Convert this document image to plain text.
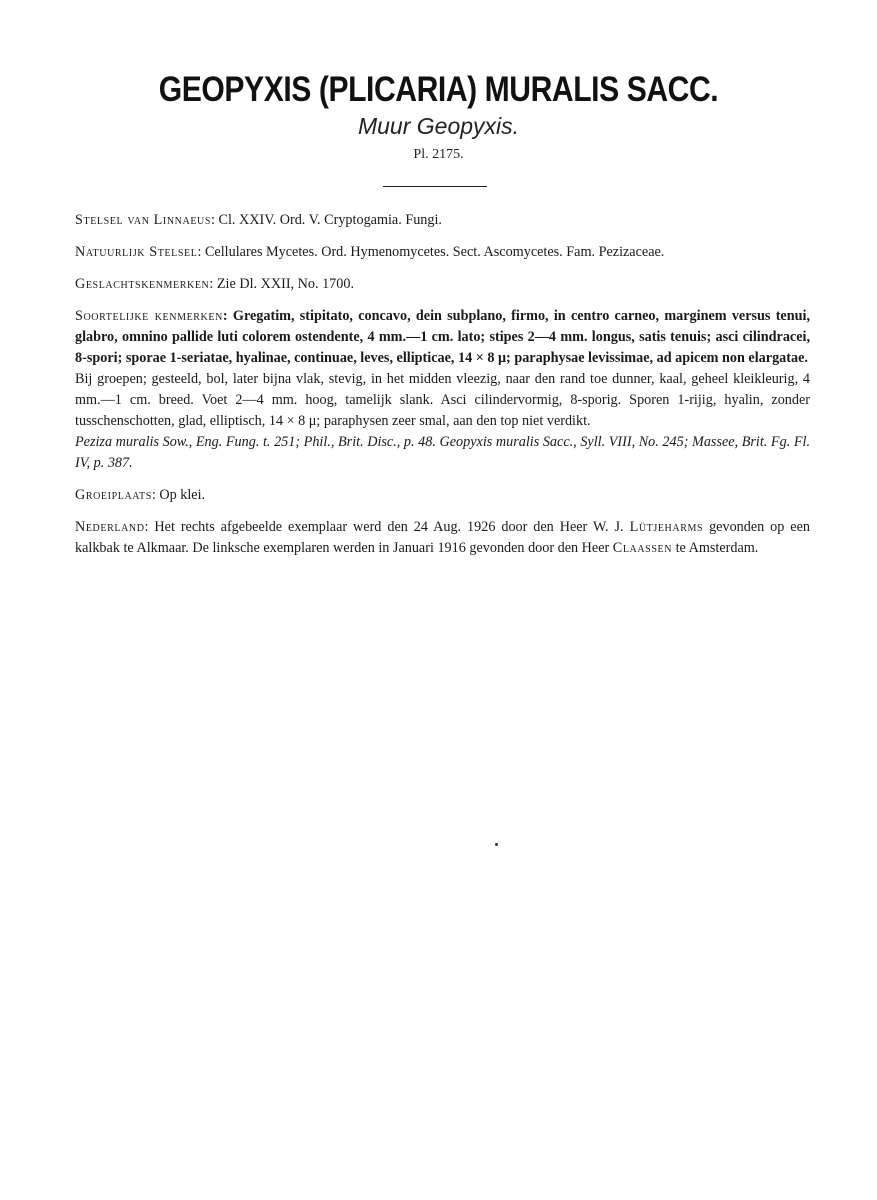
GEOPYXIS (PLICARIA) MURALIS SACC.
Muur Geopyxis.
Pl. 2175.

Stelsel van Linnaeus: Cl. XXIV. Ord. V. Cryptogamia. Fungi.

Natuurlijk Stelsel: Cellulares Mycetes. Ord. Hymenomycetes. Sect. Ascomycetes. Fam. Pezizaceae.

Geslachtskenmerken: Zie Dl. XXII, No. 1700.

Soortelijke kenmerken: Gregatim, stipitato, concavo, dein subplano, firmo, in centro carneo, marginem versus tenui, glabro, omnino pallide luti colorem ostendente, 4 mm.—1 cm. lato; stipes 2—4 mm. longus, satis tenuis; asci cilindracei, 8-spori; sporae 1-seriatae, hyalinae, continuae, leves, ellipticae, 14 × 8 μ; paraphysae levissimae, ad apicem non elargatae.

Bij groepen; gesteeld, bol, later bijna vlak, stevig, in het midden vleezig, naar den rand toe dunner, kaal, geheel kleikleurig, 4 mm.—1 cm. breed. Voet 2—4 mm. hoog, tamelijk slank. Asci cilindervormig, 8-sporig. Sporen 1-rijig, hyalin, zonder tusschenschotten, glad, elliptisch, 14 × 8 μ; paraphysen zeer smal, aan den top niet verdikt.

Peziza muralis Sow., Eng. Fung. t. 251; Phil., Brit. Disc., p. 48. Geopyxis muralis Sacc., Syll. VIII, No. 245; Massee, Brit. Fg. Fl. IV, p. 387.

Groeiplaats: Op klei.

Nederland: Het rechts afgebeelde exemplaar werd den 24 Aug. 1926 door den Heer W. J. Lütjeharms gevonden op een kalkbak te Alkmaar. De linksche exemplaren werden in Januari 1916 gevonden door den Heer Claassen te Amsterdam.
